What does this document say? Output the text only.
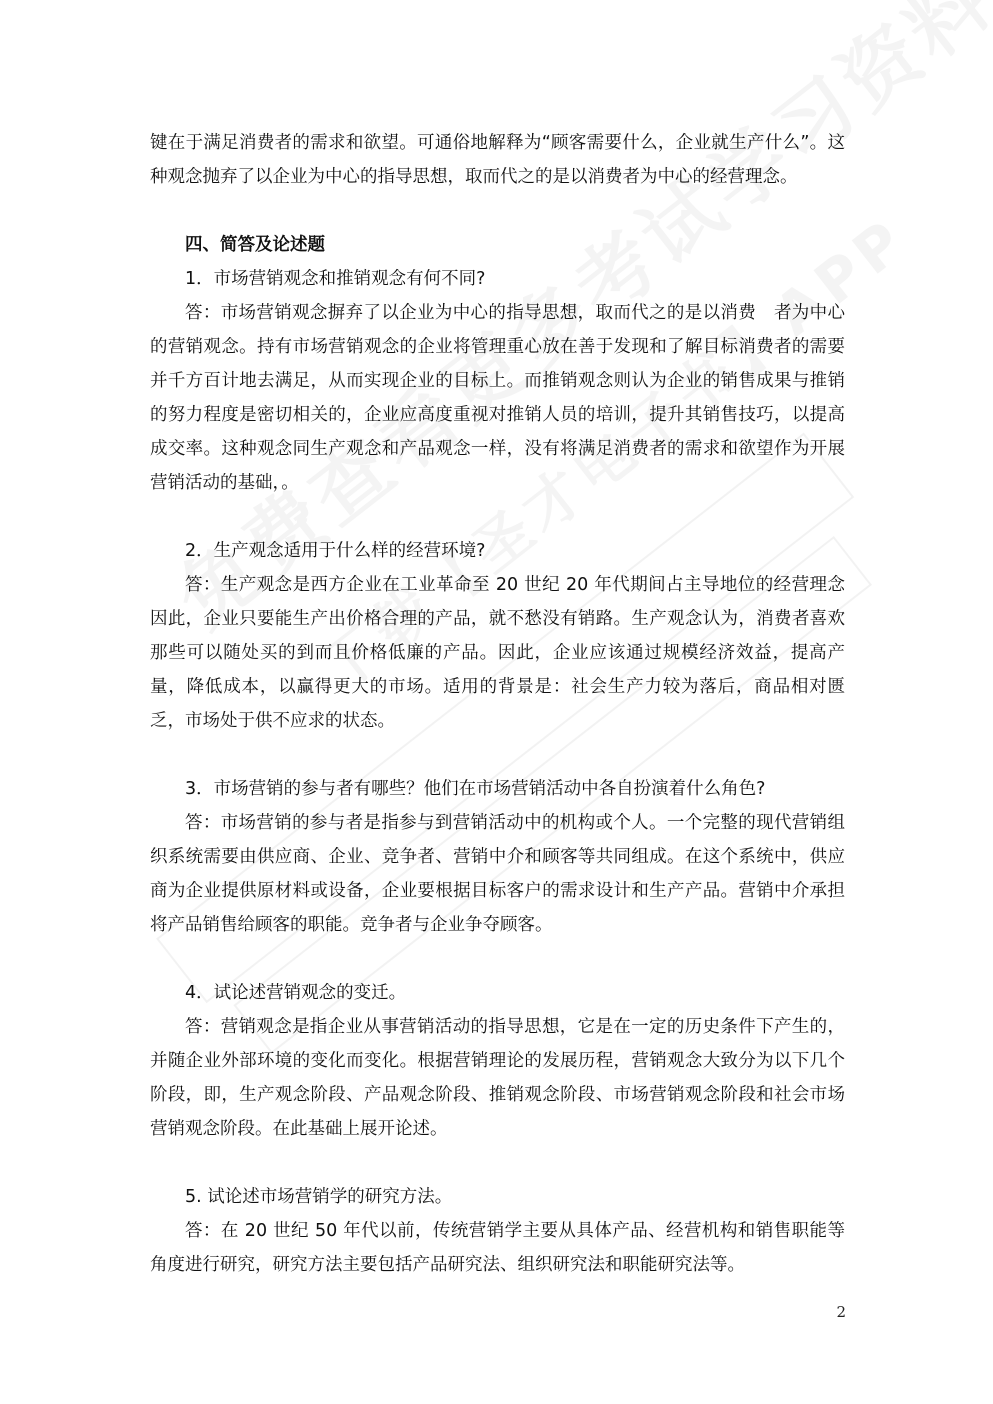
键在于满足消费者的需求和欲望。可通俗地解释为“顾客需要什么，企业就生产什么”。这种观念抛弃了以企业为中心的指导思想，取而代之的是以消费者为中心的经营理念。

四、简答及论述题

1．市场营销观念和推销观念有何不同?

答：市场营销观念摒弃了以企业为中心的指导思想，取而代之的是以消费　者为中心的营销观念。持有市场营销观念的企业将管理重心放在善于发现和了解目标消费者的需要并千方百计地去满足，从而实现企业的目标上。而推销观念则认为企业的销售成果与推销的努力程度是密切相关的，企业应高度重视对推销人员的培训，提升其销售技巧，以提高成交率。这种观念同生产观念和产品观念一样，没有将满足消费者的需求和欲望作为开展营销活动的基础，。

2．生产观念适用于什么样的经营环境?

答：生产观念是西方企业在工业革命至 20 世纪 20 年代期间占主导地位的经营理念因此，企业只要能生产出价格合理的产品，就不愁没有销路。生产观念认为，消费者喜欢那些可以随处买的到而且价格低廉的产品。因此，企业应该通过规模经济效益，提高产量，降低成本，以赢得更大的市场。适用的背景是：社会生产力较为落后，商品相对匮乏，市场处于供不应求的状态。

3．市场营销的参与者有哪些？他们在市场营销活动中各自扮演着什么角色?

答：市场营销的参与者是指参与到营销活动中的机构或个人。一个完整的现代营销组织系统需要由供应商、企业、竞争者、营销中介和顾客等共同组成。在这个系统中，供应商为企业提供原材料或设备，企业要根据目标客户的需求设计和生产产品。营销中介承担将产品销售给顾客的职能。竞争者与企业争夺顾客。

4．试论述营销观念的变迁。

答：营销观念是指企业从事营销活动的指导思想，它是在一定的历史条件下产生的，并随企业外部环境的变化而变化。根据营销理论的发展历程，营销观念大致分为以下几个阶段，即，生产观念阶段、产品观念阶段、推销观念阶段、市场营销观念阶段和社会市场营销观念阶段。在此基础上展开论述。

5. 试论述市场营销学的研究方法。

答：在 20 世纪 50 年代以前，传统营销学主要从具体产品、经营机构和销售职能等角度进行研究，研究方法主要包括产品研究法、组织研究法和职能研究法等。

2
